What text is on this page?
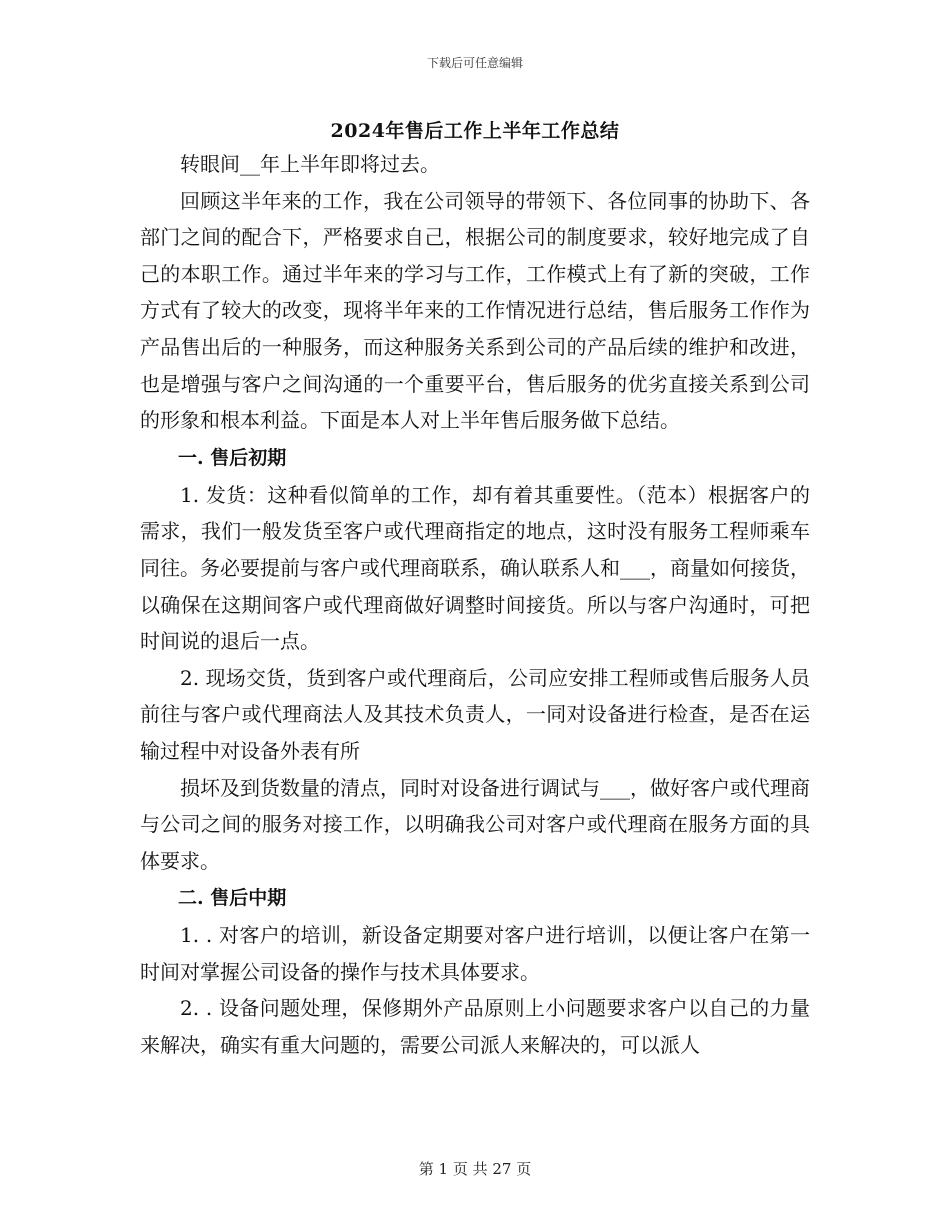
下载后可任意编辑
2024年售后工作上半年工作总结

转眼间__年上半年即将过去。

回顾这半年来的工作，我在公司领导的带领下、各位同事的协助下、各部门之间的配合下，严格要求自己，根据公司的制度要求，较好地完成了自己的本职工作。通过半年来的学习与工作，工作模式上有了新的突破，工作方式有了较大的改变，现将半年来的工作情况进行总结，售后服务工作作为产品售出后的一种服务，而这种服务关系到公司的产品后续的维护和改进，也是增强与客户之间沟通的一个重要平台，售后服务的优劣直接关系到公司的形象和根本利益。下面是本人对上半年售后服务做下总结。

一. 售后初期

1. 发货：这种看似简单的工作，却有着其重要性。（范本）根据客户的需求，我们一般发货至客户或代理商指定的地点，这时没有服务工程师乘车同往。务必要提前与客户或代理商联系，确认联系人和___，商量如何接货，以确保在这期间客户或代理商做好调整时间接货。所以与客户沟通时，可把时间说的退后一点。

2. 现场交货，货到客户或代理商后，公司应安排工程师或售后服务人员前往与客户或代理商法人及其技术负责人，一同对设备进行检查，是否在运输过程中对设备外表有所

损坏及到货数量的清点，同时对设备进行调试与___，做好客户或代理商与公司之间的服务对接工作，以明确我公司对客户或代理商在服务方面的具体要求。

二. 售后中期

1. . 对客户的培训，新设备定期要对客户进行培训，以便让客户在第一时间对掌握公司设备的操作与技术具体要求。

2. . 设备问题处理，保修期外产品原则上小问题要求客户以自己的力量来解决，确实有重大问题的，需要公司派人来解决的，可以派人

第 1 页 共 27 页
